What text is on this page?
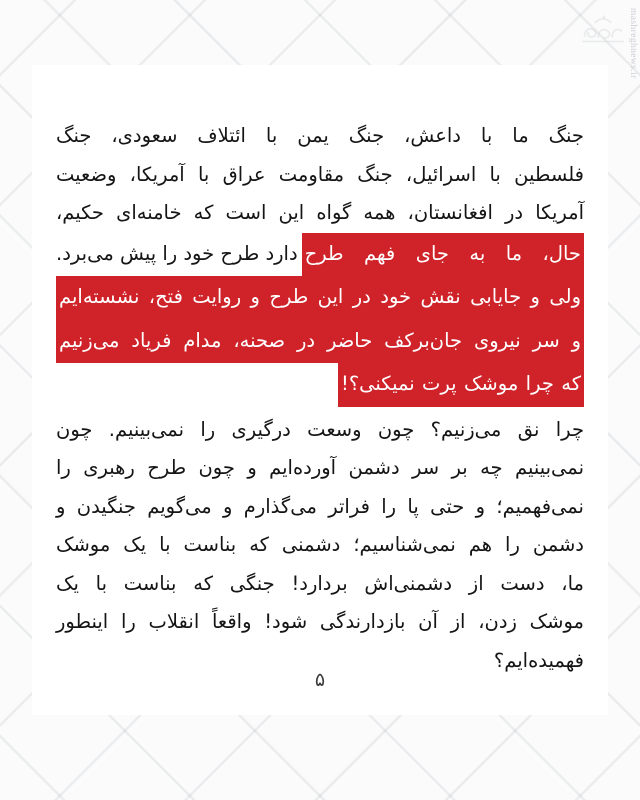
mashreghnews.ir
جنگ ما با داعش، جنگ یمن با ائتلاف سعودی، جنگ
فلسطین با اسرائیل، جنگ مقاومت عراق با آمریکا، وضعیت
آمریکا در افغانستان، همه گواه این است که خامنه‌ای حکیم،
حال، ما به جای فهم طرح
دارد طرح خود را پیش می‌برد.
ولی و جایابی نقش خود در این طرح و روایت فتح، نشسته‌ایم
و سر نیروی جان‌برکف حاضر در صحنه، مدام فریاد می‌زنیم
که چرا موشک پرت نمیکنی؟!
چرا نق می‌زنیم؟ چون وسعت درگیری را نمی‌بینیم. چون
نمی‌بینیم چه بر سر دشمن آورده‌ایم و چون طرح رهبری را
نمی‌فهمیم؛ و حتی پا را فراتر می‌گذارم و می‌گویم جنگیدن و
دشمن را هم نمی‌شناسیم؛ دشمنی که بناست با یک موشک
ما، دست از دشمنی‌اش بردارد! جنگی که بناست با یک
موشک زدن، از آن بازدارندگی شود! واقعاً انقلاب را اینطور
فهمیده‌ایم؟
۵
